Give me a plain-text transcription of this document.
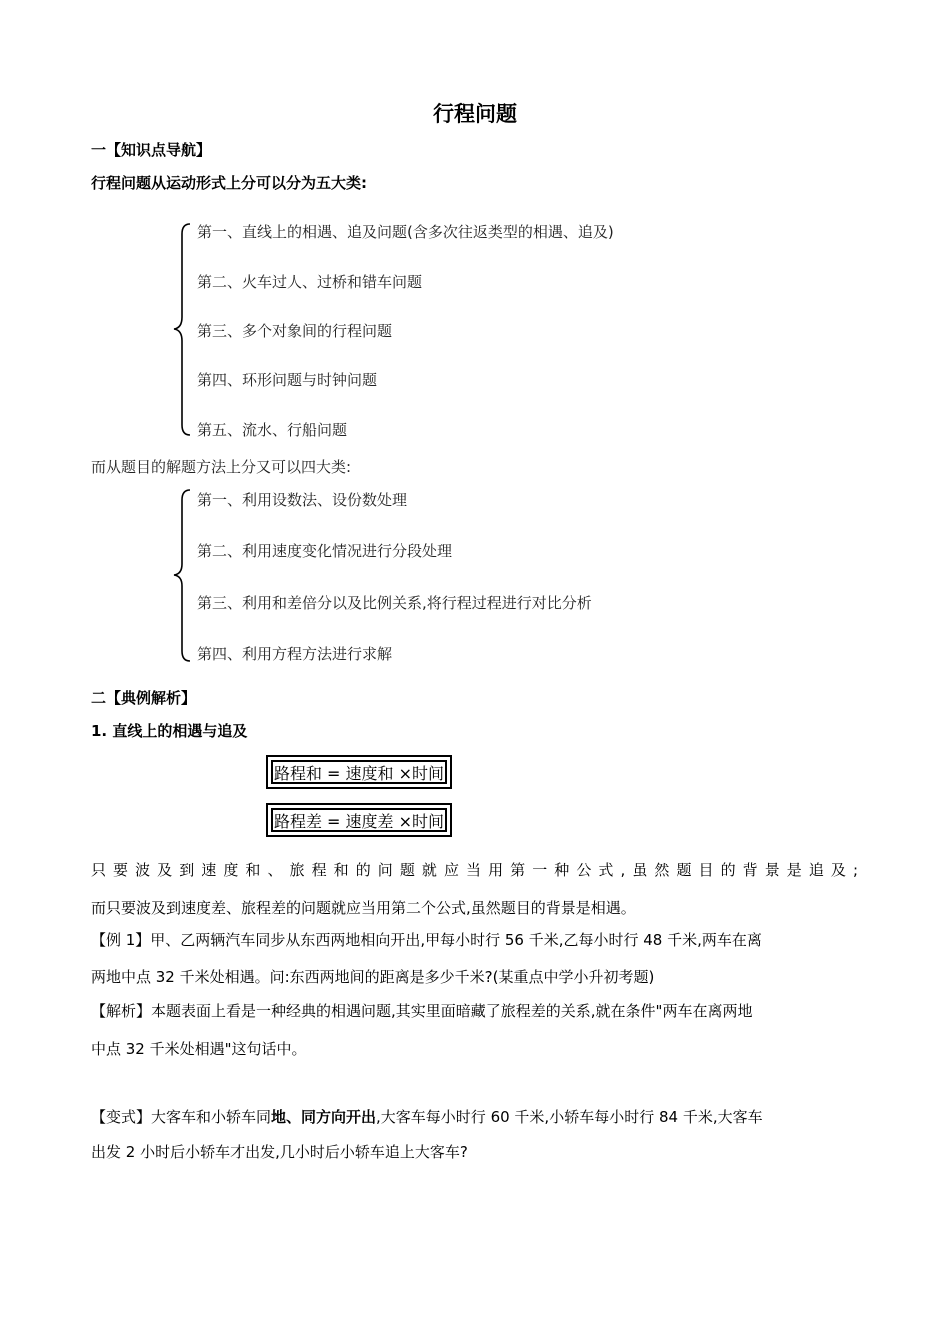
行程问题
一【知识点导航】
行程问题从运动形式上分可以分为五大类:
第一、直线上的相遇、追及问题(含多次往返类型的相遇、追及)
第二、火车过人、过桥和错车问题
第三、多个对象间的行程问题
第四、环形问题与时钟问题
第五、流水、行船问题
而从题目的解题方法上分又可以四大类:
第一、利用设数法、设份数处理
第二、利用速度变化情况进行分段处理
第三、利用和差倍分以及比例关系,将行程过程进行对比分析
第四、利用方程方法进行求解
二【典例解析】
1. 直线上的相遇与追及
路程和 = 速度和 ×时间
路程差 = 速度差 ×时间
只要波及到速度和、旅程和的问题就应当用第一种公式,虽然题目的背景是追及;
而只要波及到速度差、旅程差的问题就应当用第二个公式,虽然题目的背景是相遇。
【例 1】甲、乙两辆汽车同步从东西两地相向开出,甲每小时行 56 千米,乙每小时行 48 千米,两车在离
两地中点 32 千米处相遇。问:东西两地间的距离是多少千米?(某重点中学小升初考题)
【解析】本题表面上看是一种经典的相遇问题,其实里面暗藏了旅程差的关系,就在条件"两车在离两地
中点 32 千米处相遇"这句话中。
【变式】大客车和小轿车同地、同方向开出,大客车每小时行 60 千米,小轿车每小时行 84 千米,大客车
出发 2 小时后小轿车才出发,几小时后小轿车追上大客车?
